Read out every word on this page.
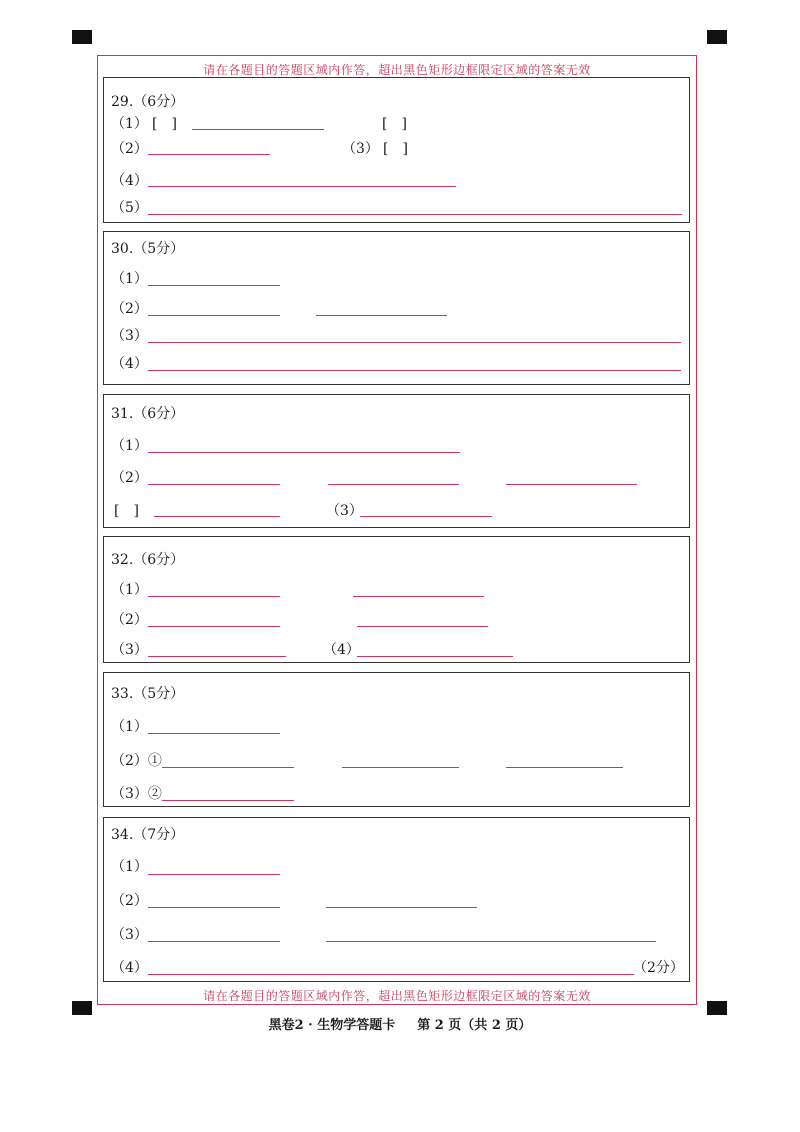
请在各题目的答题区域内作答，超出黑色矩形边框限定区域的答案无效
请在各题目的答题区域内作答，超出黑色矩形边框限定区域的答案无效
29.（6分）
（1） [　]	[　]
（2）	（3） [　]
（4）
（5）
30.（5分）
（1）
（2）
（3）
（4）
31.（6分）
（1）
（2）
[　]	（3）
32.（6分）
（1）
（2）
（3）	（4）
33.（5分）
（1）
（2）①
（3）②
34.（7分）
（1）
（2）
（3）
（4）	（2分）
黑卷2 · 生物学答题卡 第 2 页（共 2 页）
